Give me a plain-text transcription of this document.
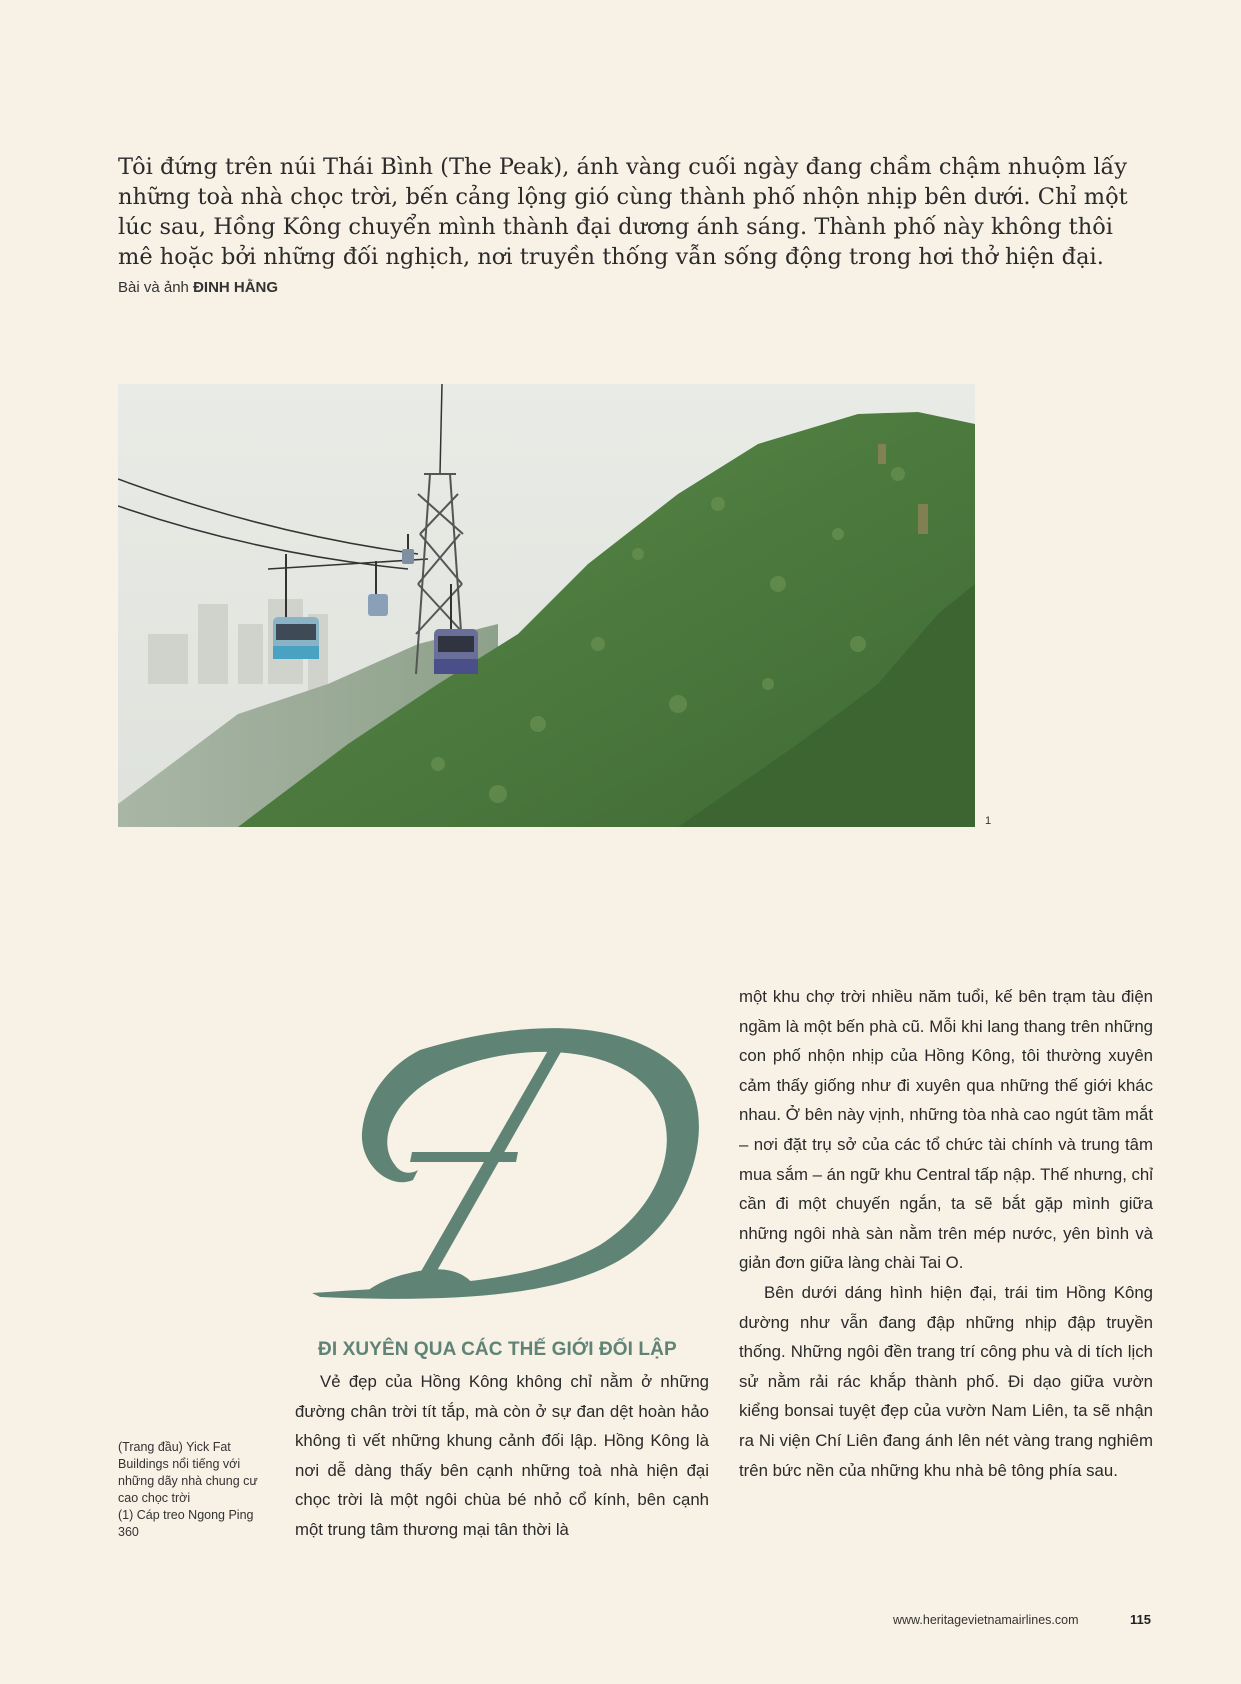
Tôi đứng trên núi Thái Bình (The Peak), ánh vàng cuối ngày đang chầm chậm nhuộm lấy những toà nhà chọc trời, bến cảng lộng gió cùng thành phố nhộn nhịp bên dưới. Chỉ một lúc sau, Hồng Kông chuyển mình thành đại dương ánh sáng. Thành phố này không thôi mê hoặc bởi những đối nghịch, nơi truyền thống vẫn sống động trong hơi thở hiện đại.

Bài và ảnh ĐINH HẰNG
1
ĐI XUYÊN QUA CÁC THẾ GIỚI ĐỐI LẬP

Vẻ đẹp của Hồng Kông không chỉ nằm ở những đường chân trời tít tắp, mà còn ở sự đan dệt hoàn hảo không tì vết những khung cảnh đối lập. Hồng Kông là nơi dễ dàng thấy bên cạnh những toà nhà hiện đại chọc trời là một ngôi chùa bé nhỏ cổ kính, bên cạnh một trung tâm thương mại tân thời là

một khu chợ trời nhiều năm tuổi, kế bên trạm tàu điện ngầm là một bến phà cũ. Mỗi khi lang thang trên những con phố nhộn nhịp của Hồng Kông, tôi thường xuyên cảm thấy giống như đi xuyên qua những thế giới khác nhau. Ở bên này vịnh, những tòa nhà cao ngút tầm mắt – nơi đặt trụ sở của các tổ chức tài chính và trung tâm mua sắm – án ngữ khu Central tấp nập. Thế nhưng, chỉ cần đi một chuyến ngắn, ta sẽ bắt gặp mình giữa những ngôi nhà sàn nằm trên mép nước, yên bình và giản đơn giữa làng chài Tai O.

Bên dưới dáng hình hiện đại, trái tim Hồng Kông dường như vẫn đang đập những nhịp đập truyền thống. Những ngôi đền trang trí công phu và di tích lịch sử nằm rải rác khắp thành phố. Đi dạo giữa vườn kiểng bonsai tuyệt đẹp của vườn Nam Liên, ta sẽ nhận ra Ni viện Chí Liên đang ánh lên nét vàng trang nghiêm trên bức nền của những khu nhà bê tông phía sau.

(Trang đầu) Yick Fat Buildings nổi tiếng với những dãy nhà chung cư cao chọc trời
(1) Cáp treo Ngong Ping 360
www.heritagevietnamairlines.com	115
